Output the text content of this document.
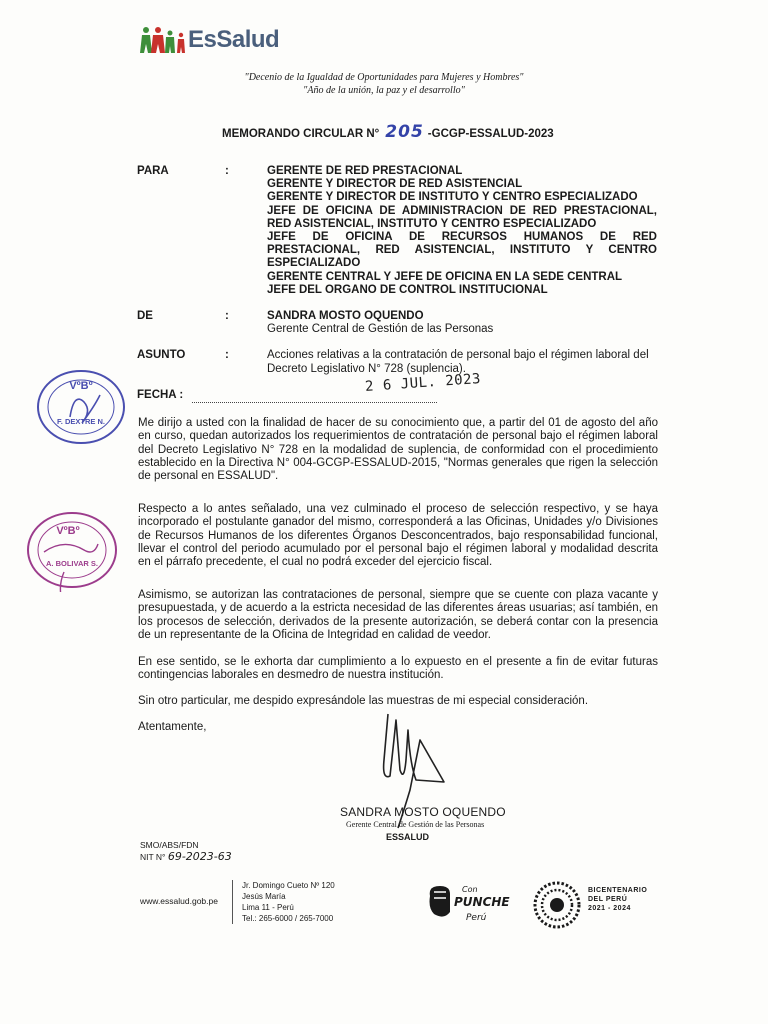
EsSalud
"Decenio de la Igualdad de Oportunidades para Mujeres y Hombres"
"Año de la unión, la paz y el desarrollo"
MEMORANDO CIRCULAR N° 205 -GCGP-ESSALUD-2023
PARA	:	GERENTE DE RED PRESTACIONAL
GERENTE Y DIRECTOR DE RED ASISTENCIAL
GERENTE Y DIRECTOR DE INSTITUTO Y CENTRO ESPECIALIZADO
JEFE DE OFICINA DE ADMINISTRACION DE RED PRESTACIONAL,
RED ASISTENCIAL, INSTITUTO Y CENTRO ESPECIALIZADO
JEFE DE OFICINA DE RECURSOS HUMANOS DE RED
PRESTACIONAL, RED ASISTENCIAL, INSTITUTO Y CENTRO
ESPECIALIZADO
GERENTE CENTRAL Y JEFE DE OFICINA EN LA SEDE CENTRAL
JEFE DEL ORGANO DE CONTROL INSTITUCIONAL
DE	:	SANDRA MOSTO OQUENDO
Gerente Central de Gestión de las Personas
ASUNTO	:	Acciones relativas a la contratación de personal bajo el régimen laboral del Decreto Legislativo N° 728 (suplencia).
FECHA :	2 6 JUL. 2023
VºBº
F. DEXTRE N.
VºBº
A. BOLIVAR S.
Me dirijo a usted con la finalidad de hacer de su conocimiento que, a partir del 01 de agosto del año en curso, quedan autorizados los requerimientos de contratación de personal bajo el régimen laboral del Decreto Legislativo N° 728 en la modalidad de suplencia, de conformidad con el procedimiento establecido en la Directiva N° 004-GCGP-ESSALUD-2015, "Normas generales que rigen la selección de personal en ESSALUD".
Respecto a lo antes señalado, una vez culminado el proceso de selección respectivo, y se haya incorporado el postulante ganador del mismo, corresponderá a las Oficinas, Unidades y/o Divisiones de Recursos Humanos de los diferentes Órganos Desconcentrados, bajo responsabilidad funcional, llevar el control del periodo acumulado por el personal bajo el régimen laboral y modalidad descrita en el párrafo precedente, el cual no podrá exceder del ejercicio fiscal.
Asimismo, se autorizan las contrataciones de personal, siempre que se cuente con plaza vacante y presupuestada, y de acuerdo a la estricta necesidad de las diferentes áreas usuarias; así también, en los procesos de selección, derivados de la presente autorización, se deberá contar con la presencia de un representante de la Oficina de Integridad en calidad de veedor.
En ese sentido, se le exhorta dar cumplimiento a lo expuesto en el presente a fin de evitar futuras contingencias laborales en desmedro de nuestra institución.
Sin otro particular, me despido expresándole las muestras de mi especial consideración.
Atentamente,
SANDRA MOSTO OQUENDO
Gerente Central de Gestión de las Personas
ESSALUD
SMO/ABS/FDN
NIT N° 69-2023-63
www.essalud.gob.pe
Jr. Domingo Cueto Nº 120
Jesús María
Lima 11 - Perú
Tel.: 265-6000 / 265-7000
Con
PUNCHE
Perú
BICENTENARIO
DEL PERÚ
2021 - 2024
